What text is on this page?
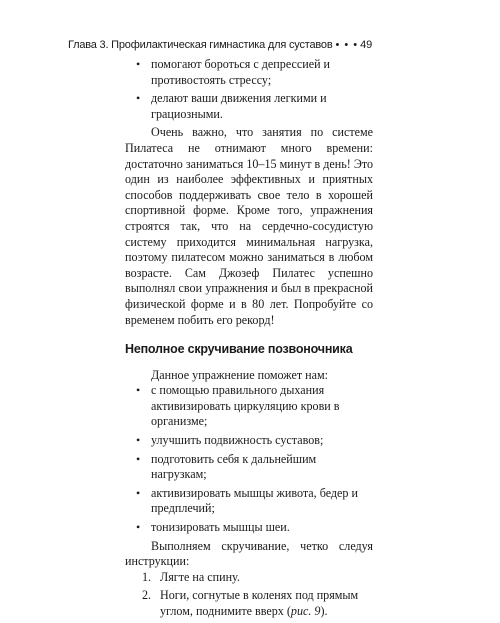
Глава 3. Профилактическая гимнастика для суставов • • • 49
• помогают бороться с депрессией и противостоять стрессу;
• делают ваши движения легкими и грациозными.

Очень важно, что занятия по системе Пилатеса не отнимают много времени: достаточно заниматься 10–15 минут в день! Это один из наиболее эффективных и приятных способов поддерживать свое тело в хорошей спортивной форме. Кроме того, упражнения строятся так, что на сердечно-сосудистую систему приходится минимальная нагрузка, поэтому пилатесом можно заниматься в любом возрасте. Сам Джозеф Пилатес успешно выполнял свои упражнения и был в прекрасной физической форме и в 80 лет. Попробуйте со временем побить его рекорд!

Неполное скручивание позвоночника

Данное упражнение поможет нам:

• с помощью правильного дыхания активизировать циркуляцию крови в организме;
• улучшить подвижность суставов;
• подготовить себя к дальнейшим нагрузкам;
• активизировать мышцы живота, бедер и предплечий;
• тонизировать мышцы шеи.

Выполняем скручивание, четко следуя инструкции:

1. Лягте на спину.
2. Ноги, согнутые в коленях под прямым углом, поднимите вверх (рис. 9).
